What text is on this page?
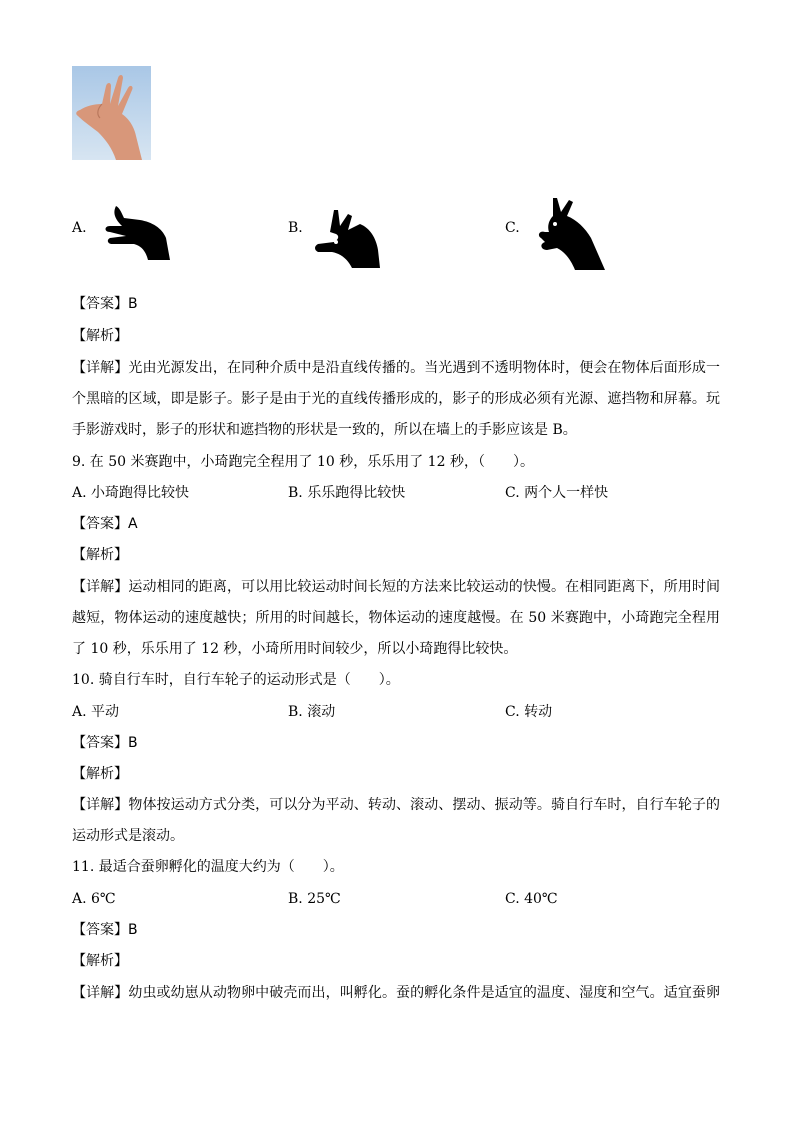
A.	B.	C.
【答案】B
【解析】
【详解】光由光源发出，在同种介质中是沿直线传播的。当光遇到不透明物体时，便会在物体后面形成一
个黑暗的区域，即是影子。影子是由于光的直线传播形成的，影子的形成必须有光源、遮挡物和屏幕。玩
手影游戏时，影子的形状和遮挡物的形状是一致的，所以在墙上的手影应该是 B。
9. 在 50 米赛跑中，小琦跑完全程用了 10 秒，乐乐用了 12 秒，（　　）。
A. 小琦跑得比较快	B. 乐乐跑得比较快	C. 两个人一样快
【答案】A
【解析】
【详解】运动相同的距离，可以用比较运动时间长短的方法来比较运动的快慢。在相同距离下，所用时间
越短，物体运动的速度越快；所用的时间越长，物体运动的速度越慢。在 50 米赛跑中，小琦跑完全程用
了 10 秒，乐乐用了 12 秒，小琦所用时间较少，所以小琦跑得比较快。
10. 骑自行车时，自行车轮子的运动形式是（　　）。
A. 平动	B. 滚动	C. 转动
【答案】B
【解析】
【详解】物体按运动方式分类，可以分为平动、转动、滚动、摆动、振动等。骑自行车时，自行车轮子的
运动形式是滚动。
11. 最适合蚕卵孵化的温度大约为（　　）。
A. 6℃	B. 25℃	C. 40℃
【答案】B
【解析】
【详解】幼虫或幼崽从动物卵中破壳而出，叫孵化。蚕的孵化条件是适宜的温度、湿度和空气。适宜蚕卵
